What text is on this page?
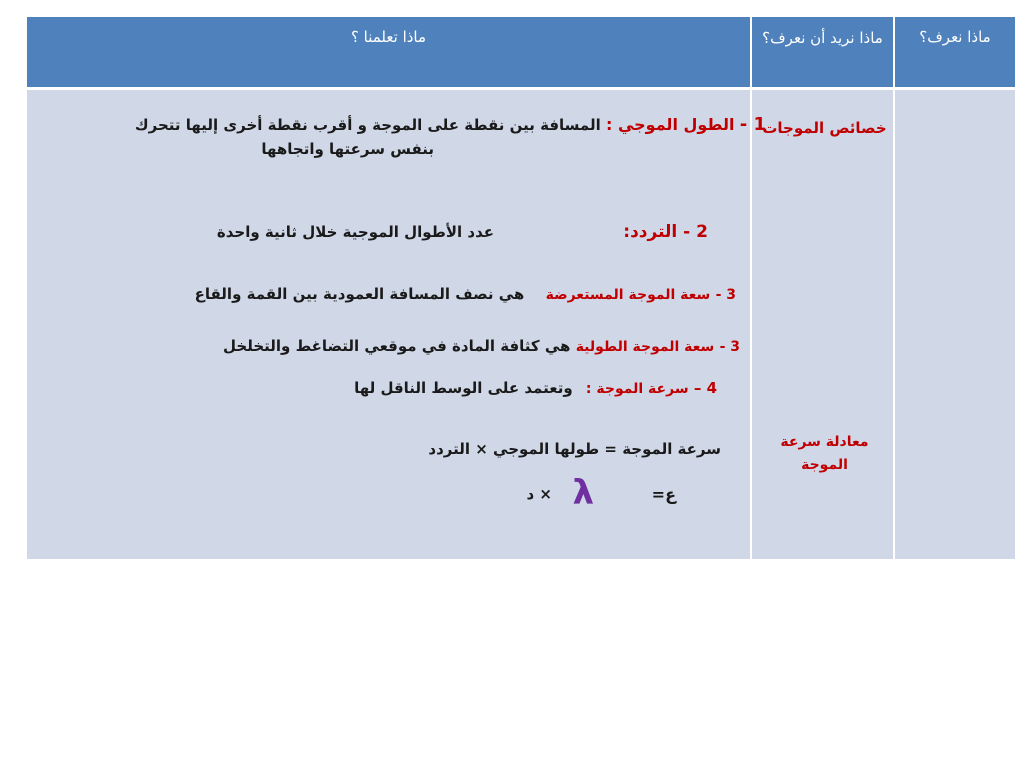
ماذا تعلمنا ؟	ماذا نريد أن نعرف؟	ماذا نعرف؟
خصائص الموجات
معادلة سرعة الموجة
1 - الطول الموجي : المسافة بين نقطة على الموجة و أقرب نقطة أخرى إليها تتحرك
بنفس سرعتها واتجاهها
2 - التردد:
عدد الأطوال الموجية خلال ثانية واحدة
3 - سعة الموجة المستعرضة هي نصف المسافة العمودية بين القمة والقاع
3 - سعة الموجة الطولية هي كثافة المادة في موقعي التضاغط والتخلخل
4 – سرعة الموجة : وتعتمد على الوسط الناقل لها
سرعة الموجة = طولها الموجي × التردد
ع=
λ
× د
